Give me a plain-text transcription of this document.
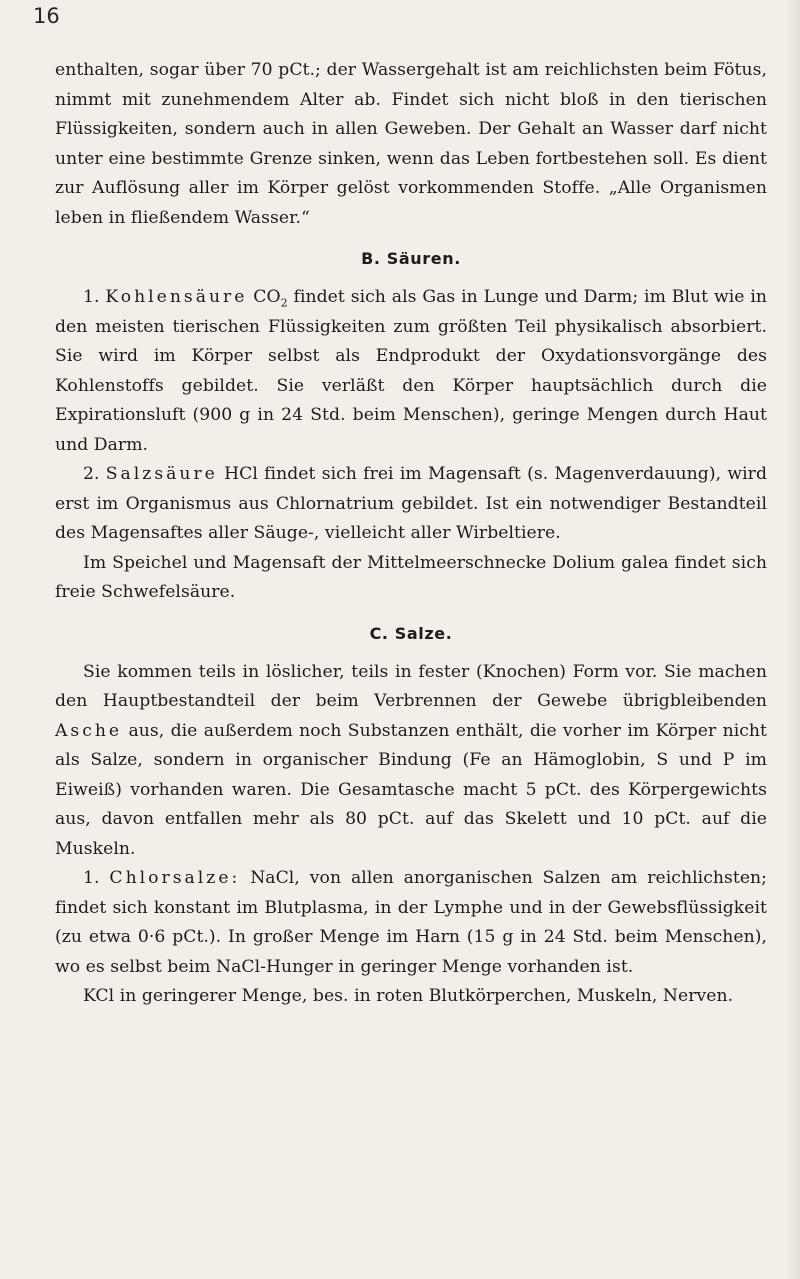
16

enthalten, sogar über 70 pCt.; der Wassergehalt ist am reichlichsten beim Fötus, nimmt mit zunehmendem Alter ab. Findet sich nicht bloß in den tierischen Flüssigkeiten, sondern auch in allen Geweben. Der Gehalt an Wasser darf nicht unter eine bestimmte Grenze sinken, wenn das Leben fortbestehen soll. Es dient zur Auflösung aller im Körper gelöst vorkommenden Stoffe. „Alle Organismen leben in fließendem Wasser.“

B. Säuren.

1. Kohlensäure $CO_2$ findet sich als Gas in Lunge und Darm; im Blut wie in den meisten tierischen Flüssigkeiten zum größten Teil physikalisch absorbiert. Sie wird im Körper selbst als Endprodukt der Oxydationsvorgänge des Kohlenstoffs gebildet. Sie verläßt den Körper hauptsächlich durch die Expirationsluft (900 g in 24 Std. beim Menschen), geringe Mengen durch Haut und Darm.

2. Salzsäure HCl findet sich frei im Magensaft (s. Magenverdauung), wird erst im Organismus aus Chlornatrium gebildet. Ist ein notwendiger Bestandteil des Magensaftes aller Säuge-, vielleicht aller Wirbeltiere.

Im Speichel und Magensaft der Mittelmeerschnecke Dolium galea findet sich freie Schwefelsäure.

C. Salze.

Sie kommen teils in löslicher, teils in fester (Knochen) Form vor. Sie machen den Hauptbestandteil der beim Verbrennen der Gewebe übrigbleibenden Asche aus, die außerdem noch Substanzen enthält, die vorher im Körper nicht als Salze, sondern in organischer Bindung (Fe an Hämoglobin, S und P im Eiweiß) vorhanden waren. Die Gesamtasche macht 5 pCt. des Körpergewichts aus, davon entfallen mehr als 80 pCt. auf das Skelett und 10 pCt. auf die Muskeln.

1. Chlorsalze: NaCl, von allen anorganischen Salzen am reichlichsten; findet sich konstant im Blutplasma, in der Lymphe und in der Gewebsflüssigkeit (zu etwa 0·6 pCt.). In großer Menge im Harn (15 g in 24 Std. beim Menschen), wo es selbst beim NaCl-Hunger in geringer Menge vorhanden ist.

KCl in geringerer Menge, bes. in roten Blutkörperchen, Muskeln, Nerven.
